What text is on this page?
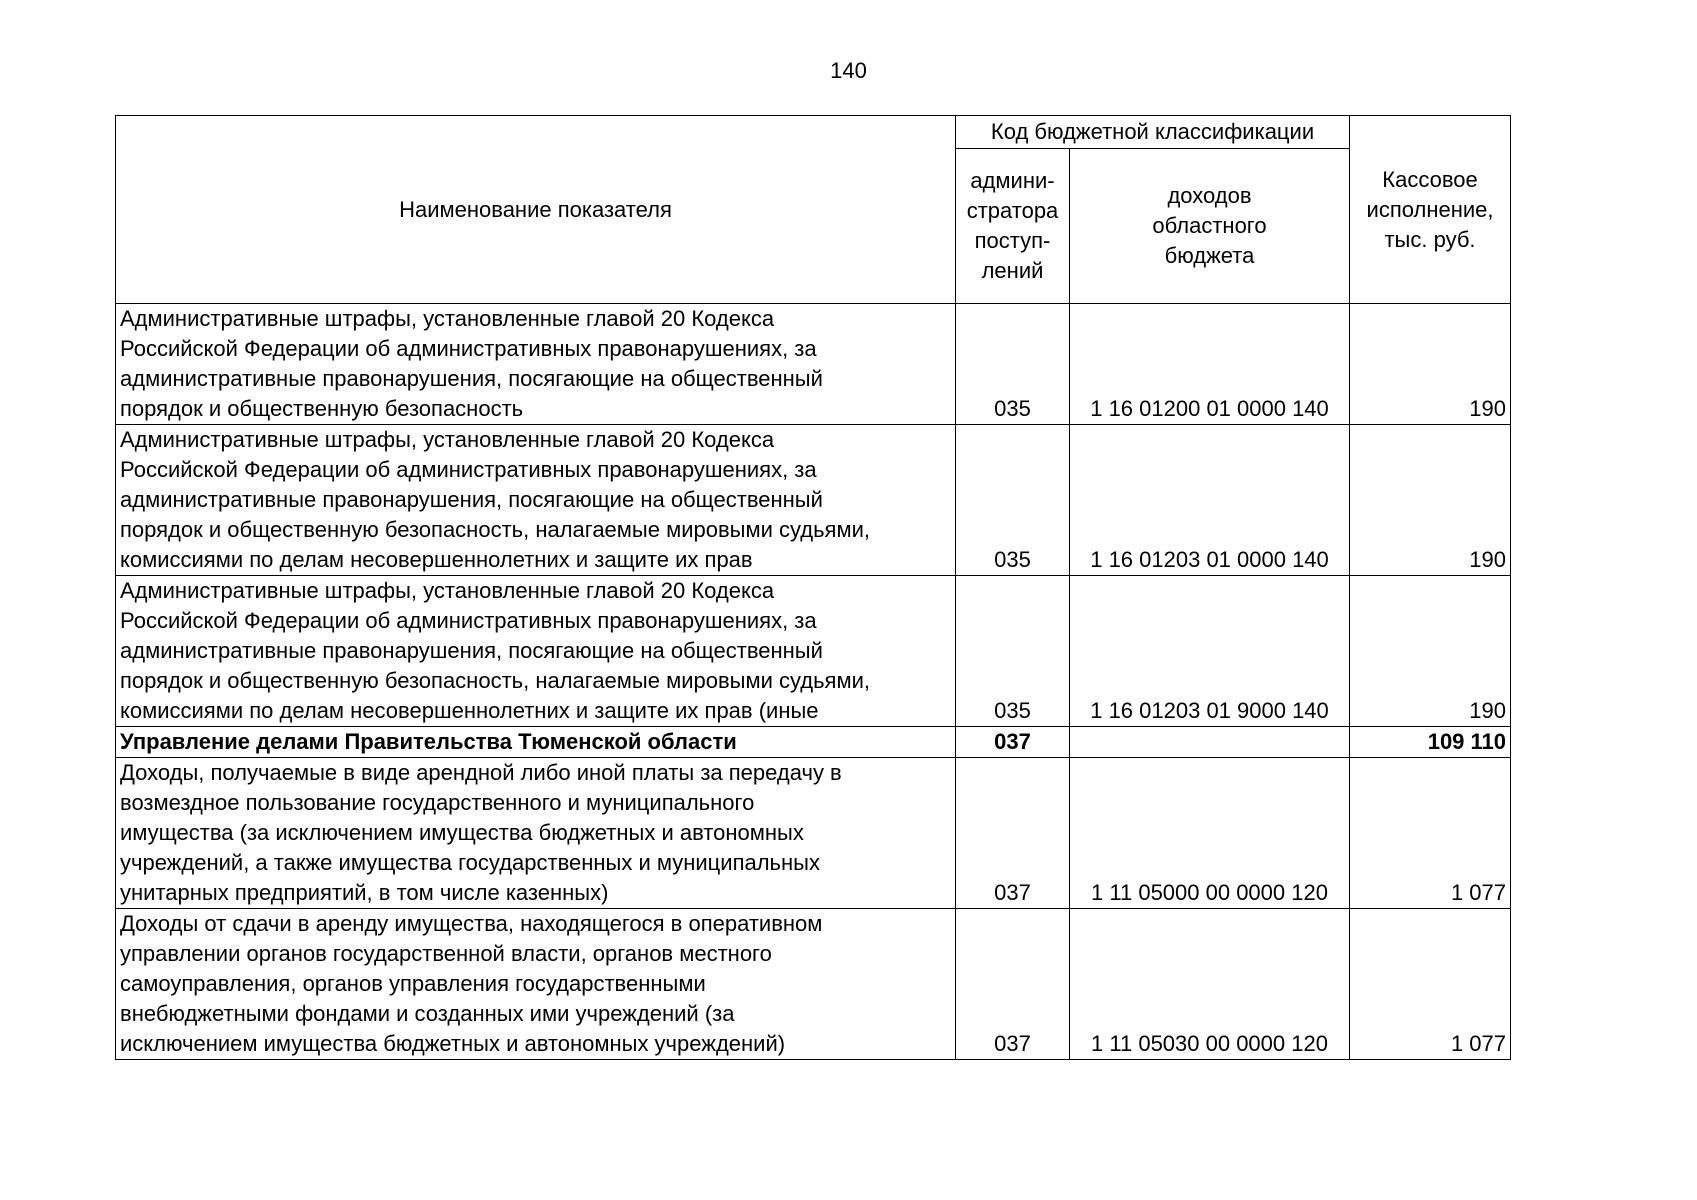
140
Наименование показателя	Код бюджетной классификации		Кассовое
исполнение,
тыс. руб.

	админи-
стратора
поступ-
лений	доходов
областного
бюджета	

Административные штрафы, установленные главой 20 Кодекса
Российской Федерации об административных правонарушениях, за
административные правонарушения, посягающие на общественный
порядок и общественную безопасность	035	1 16 01200 01 0000 140	190

Административные штрафы, установленные главой 20 Кодекса
Российской Федерации об административных правонарушениях, за
административные правонарушения, посягающие на общественный
порядок и общественную безопасность, налагаемые мировыми судьями,
комиссиями по делам несовершеннолетних и защите их прав	035	1 16 01203 01 0000 140	190

Административные штрафы, установленные главой 20 Кодекса
Российской Федерации об административных правонарушениях, за
административные правонарушения, посягающие на общественный
порядок и общественную безопасность, налагаемые мировыми судьями,
комиссиями по делам несовершеннолетних и защите их прав (иные	035	1 16 01203 01 9000 140	190

Управление делами Правительства Тюменской области	037		109 110

Доходы, получаемые в виде арендной либо иной платы за передачу в
возмездное пользование государственного и муниципального
имущества (за исключением имущества бюджетных и автономных
учреждений, а также имущества государственных и муниципальных
унитарных предприятий, в том числе казенных)	037	1 11 05000 00 0000 120	1 077

Доходы от сдачи в аренду имущества, находящегося в оперативном
управлении органов государственной власти, органов местного
самоуправления, органов управления государственными
внебюджетными фондами и созданных ими учреждений (за
исключением имущества бюджетных и автономных учреждений)	037	1 11 05030 00 0000 120	1 077
